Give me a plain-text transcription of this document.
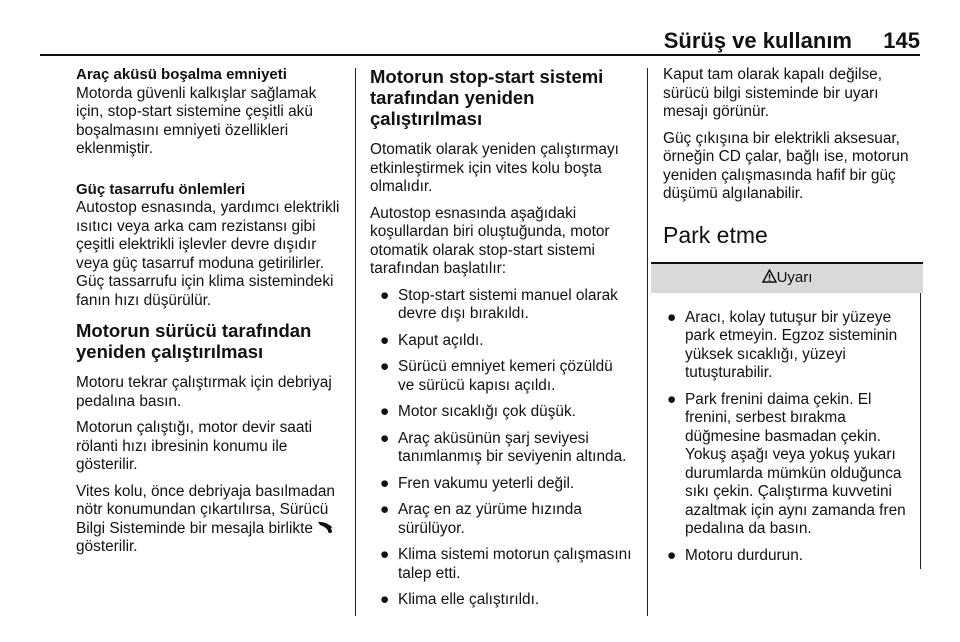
Sürüş ve kullanım 145

Araç aküsü boşalma emniyeti

Motorda güvenli kalkışlar sağlamak için, stop-start sistemine çeşitli akü boşalmasını emniyeti özellikleri eklenmiştir.

Güç tasarrufu önlemleri

Autostop esnasında, yardımcı elektrikli ısıtıcı veya arka cam rezistansı gibi çeşitli elektrikli işlevler devre dışıdır veya güç tasarruf moduna getirilirler. Güç tassarrufu için klima sistemindeki fanın hızı düşürülür.

Motorun sürücü tarafından yeniden çalıştırılması

Motoru tekrar çalıştırmak için debriyaj pedalına basın.

Motorun çalıştığı, motor devir saati rölanti hızı ibresinin konumu ile gösterilir.

Vites kolu, önce debriyaja basılmadan nötr konumundan çıkartılırsa, Sürücü Bilgi Sisteminde bir mesajla birlikte  gösterilir.

Motorun stop-start sistemi tarafından yeniden çalıştırılması

Otomatik olarak yeniden çalıştırmayı etkinleştirmek için vites kolu boşta olmalıdır.

Autostop esnasında aşağıdaki koşullardan biri oluştuğunda, motor otomatik olarak stop-start sistemi tarafından başlatılır:

● Stop-start sistemi manuel olarak devre dışı bırakıldı.
● Kaput açıldı.
● Sürücü emniyet kemeri çözüldü ve sürücü kapısı açıldı.
● Motor sıcaklığı çok düşük.
● Araç aküsünün şarj seviyesi tanımlanmış bir seviyenin altında.
● Fren vakumu yeterli değil.
● Araç en az yürüme hızında sürülüyor.
● Klima sistemi motorun çalışmasını talep etti.
● Klima elle çalıştırıldı.

Kaput tam olarak kapalı değilse, sürücü bilgi sisteminde bir uyarı mesajı görünür.

Güç çıkışına bir elektrikli aksesuar, örneğin CD çalar, bağlı ise, motorun yeniden çalışmasında hafif bir güç düşümü algılanabilir.

Park etme
Uyarı
● Aracı, kolay tutuşur bir yüzeye park etmeyin. Egzoz sisteminin yüksek sıcaklığı, yüzeyi tutuşturabilir.
● Park frenini daima çekin. El frenini, serbest bırakma düğmesine basmadan çekin. Yokuş aşağı veya yokuş yukarı durumlarda mümkün olduğunca sıkı çekin. Çalıştırma kuvvetini azaltmak için aynı zamanda fren pedalına da basın.
● Motoru durdurun.
